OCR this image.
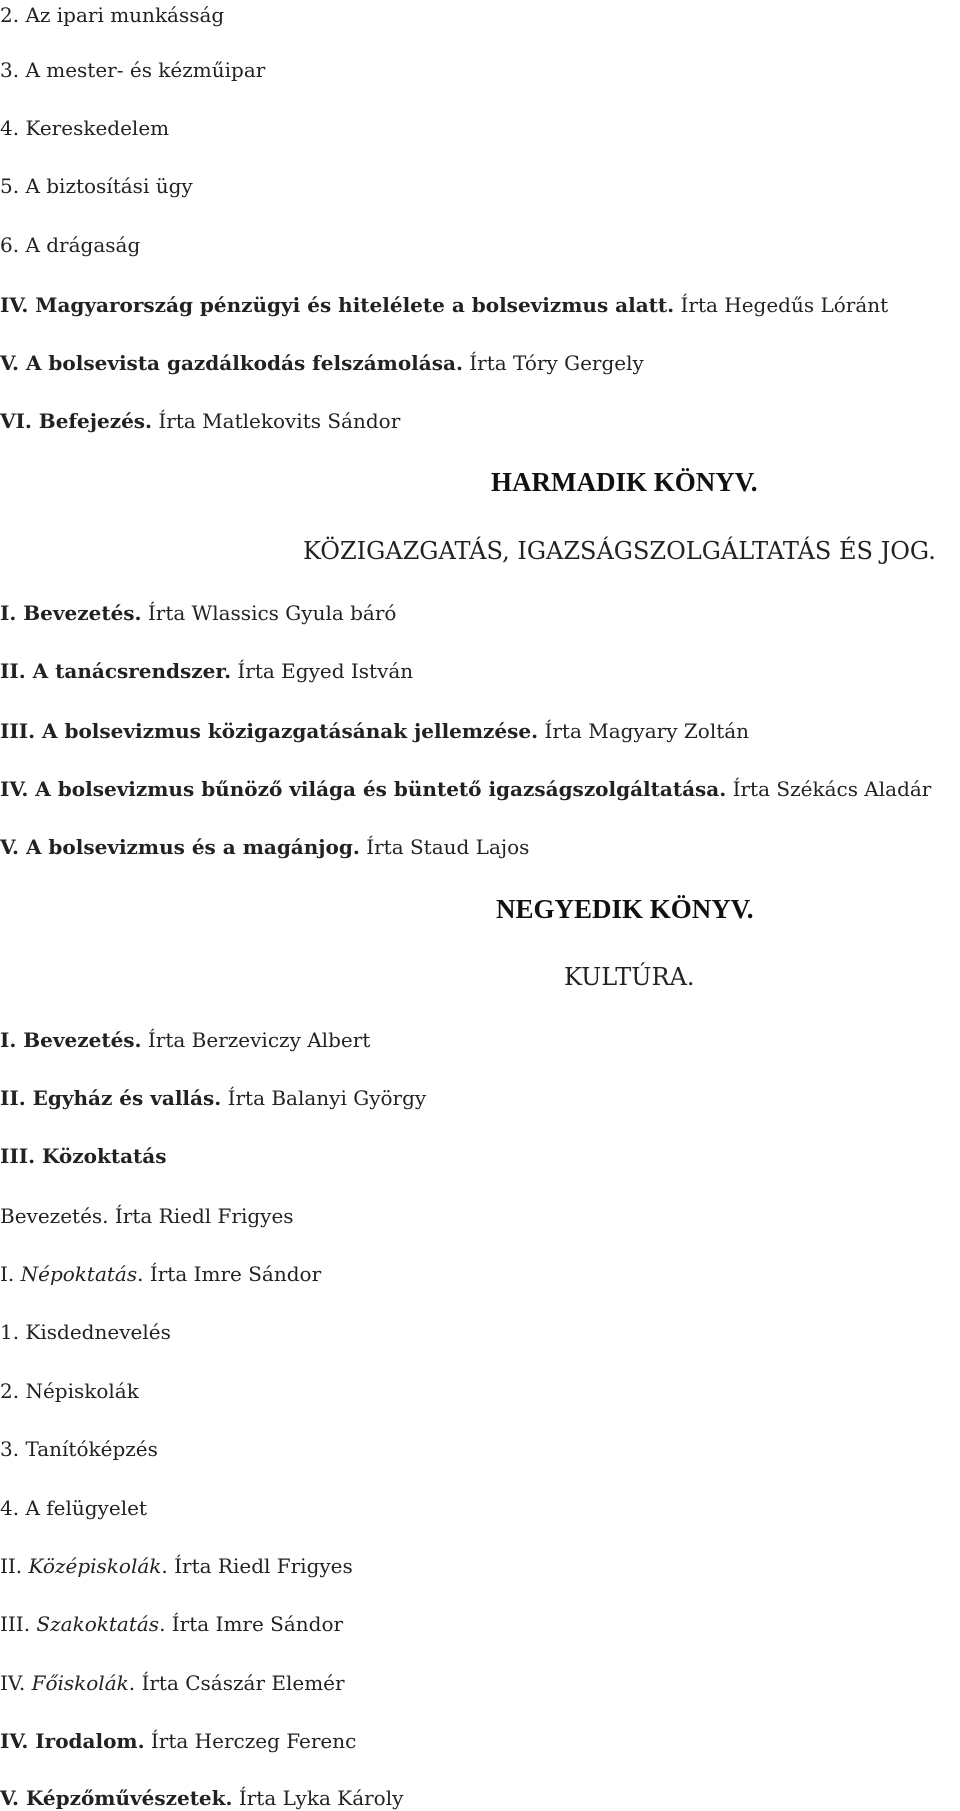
2. Az ipari munkásság
3. A mester- és kézműipar
4. Kereskedelem
5. A biztosítási ügy
6. A drágaság
IV. Magyarország pénzügyi és hitelélete a bolsevizmus alatt. Írta Hegedűs Lóránt
V. A bolsevista gazdálkodás felszámolása. Írta Tóry Gergely
VI. Befejezés. Írta Matlekovits Sándor
HARMADIK KÖNYV.
KÖZIGAZGATÁS, IGAZSÁGSZOLGÁLTATÁS ÉS JOG.
I. Bevezetés. Írta Wlassics Gyula báró
II. A tanácsrendszer. Írta Egyed István
III. A bolsevizmus közigazgatásának jellemzése. Írta Magyary Zoltán
IV. A bolsevizmus bűnöző világa és büntető igazságszolgáltatása. Írta Székács Aladár
V. A bolsevizmus és a magánjog. Írta Staud Lajos
NEGYEDIK KÖNYV.
KULTÚRA.
I. Bevezetés. Írta Berzeviczy Albert
II. Egyház és vallás. Írta Balanyi György
III. Közoktatás
Bevezetés. Írta Riedl Frigyes
I. Népoktatás. Írta Imre Sándor
1. Kisdednevelés
2. Népiskolák
3. Tanítóképzés
4. A felügyelet
II. Középiskolák. Írta Riedl Frigyes
III. Szakoktatás. Írta Imre Sándor
IV. Főiskolák. Írta Császár Elemér
IV. Irodalom. Írta Herczeg Ferenc
V. Képzőművészetek. Írta Lyka Károly
